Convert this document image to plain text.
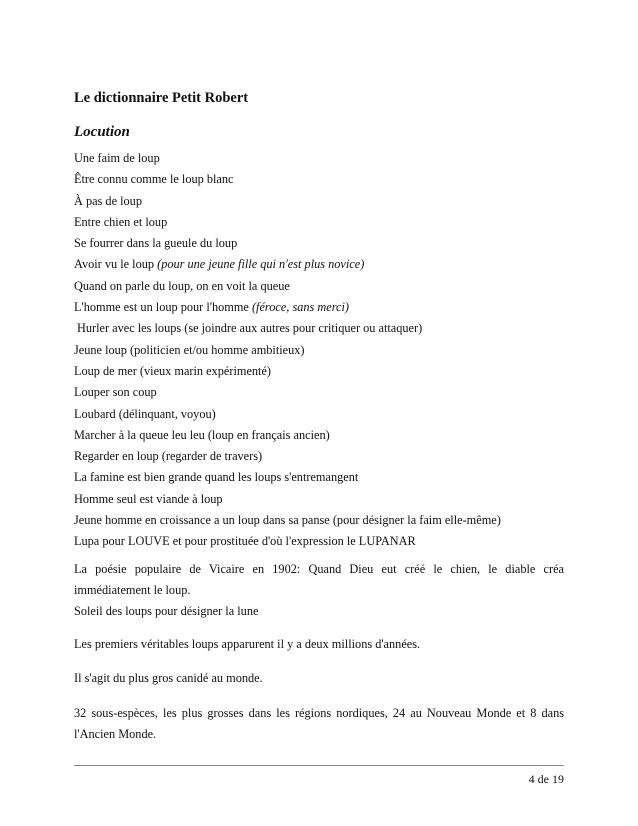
Le dictionnaire Petit Robert
Locution
Une faim de loup
Être connu comme le loup blanc
À pas de loup
Entre chien et loup
Se fourrer dans la gueule du loup
Avoir vu le loup (pour une jeune fille qui n'est plus novice)
Quand on parle du loup, on en voit la queue
L'homme est un loup pour l'homme (féroce, sans merci)
Hurler avec les loups (se joindre aux autres pour critiquer ou attaquer)
Jeune loup (politicien et/ou homme ambitieux)
Loup de mer (vieux marin expérimenté)
Louper son coup
Loubard (délinquant, voyou)
Marcher à la queue leu leu (loup en français ancien)
Regarder en loup (regarder de travers)
La famine est bien grande quand les loups s'entremangent
Homme seul est viande à loup
Jeune homme en croissance a un loup dans sa panse (pour désigner la faim elle-même)
Lupa pour LOUVE et pour prostituée d'où l'expression le LUPANAR
La poésie populaire de Vicaire en 1902: Quand Dieu eut créé le chien, le diable créa immédiatement le loup.
Soleil des loups pour désigner la lune
Les premiers véritables loups apparurent il y a deux millions d'années.
Il s'agit du plus gros canidé au monde.
32 sous-espèces, les plus grosses dans les régions nordiques, 24 au Nouveau Monde et 8 dans l'Ancien Monde.
4 de 19
